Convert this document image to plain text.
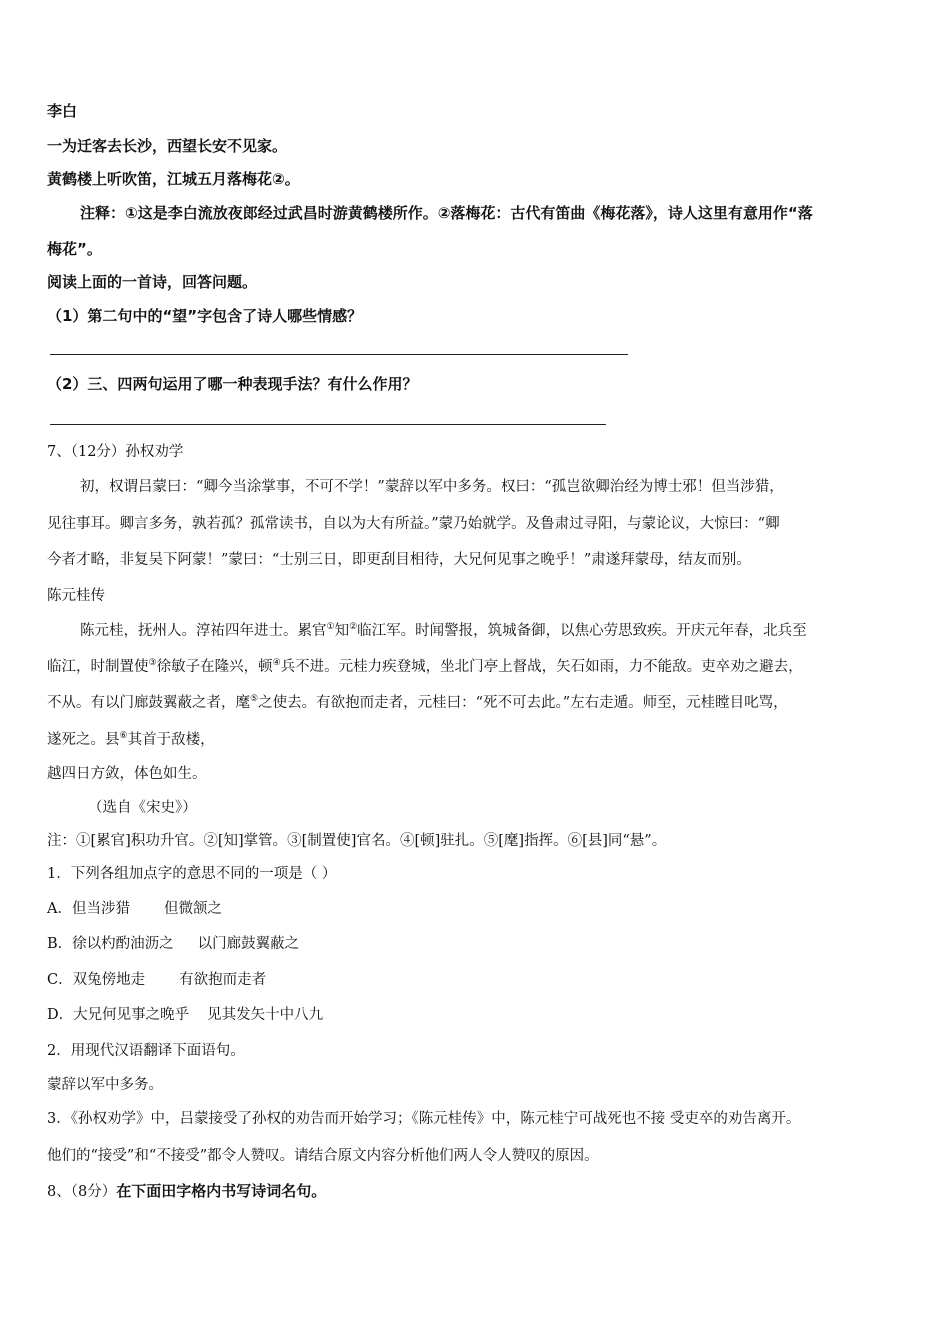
李白
一为迁客去长沙，西望长安不见家。
黄鹤楼上听吹笛，江城五月落梅花②。
注释：①这是李白流放夜郎经过武昌时游黄鹤楼所作。②落梅花：古代有笛曲《梅花落》，诗人这里有意用作“落
梅花”。
阅读上面的一首诗，回答问题。
（1）第二句中的“望”字包含了诗人哪些情感？
（2）三、四两句运用了哪一种表现手法？有什么作用？
7、（12分）孙权劝学
初，权谓吕蒙曰：“卿今当涂掌事，不可不学！”蒙辞以军中多务。权曰：“孤岂欲卿治经为博士邪！但当涉猎，
见往事耳。卿言多务，孰若孤？孤常读书，自以为大有所益。”蒙乃始就学。及鲁肃过寻阳，与蒙论议，大惊曰：“卿
今者才略，非复吴下阿蒙！”蒙曰：“士别三日，即更刮目相待，大兄何见事之晚乎！”肃遂拜蒙母，结友而别。
陈元桂传
陈元桂，抚州人。淳祐四年进士。累官①知②临江军。时闻警报，筑城备御，以焦心劳思致疾。开庆元年春，北兵至
临江，时制置使③徐敏子在隆兴，顿④兵不进。元桂力疾登城，坐北门亭上督战，矢石如雨，力不能敌。吏卒劝之避去，
不从。有以门廊鼓翼蔽之者，麾⑤之使去。有欲抱而走者，元桂曰：“死不可去此。”左右走遁。师至，元桂瞠目叱骂，
遂死之。县⑥其首于敌楼，
越四日方敛，体色如生。
（选自《宋史》）
注：①[累官]积功升官。②[知]掌管。③[制置使]官名。④[顿]驻扎。⑤[麾]指挥。⑥[县]同“悬”。
1．下列各组加点字的意思不同的一项是（ ）
A．但当涉猎 但微颔之
B．徐以杓酌油沥之 以门廊鼓翼蔽之
C．双兔傍地走 有欲抱而走者
D．大兄何见事之晚乎 见其发矢十中八九
2．用现代汉语翻译下面语句。
蒙辞以军中多务。
3．《孙权劝学》中，吕蒙接受了孙权的劝告而开始学习；《陈元桂传》中，陈元桂宁可战死也不接 受吏卒的劝告离开。
他们的“接受”和“不接受”都令人赞叹。请结合原文内容分析他们两人令人赞叹的原因。
8、（8分）在下面田字格内书写诗词名句。
